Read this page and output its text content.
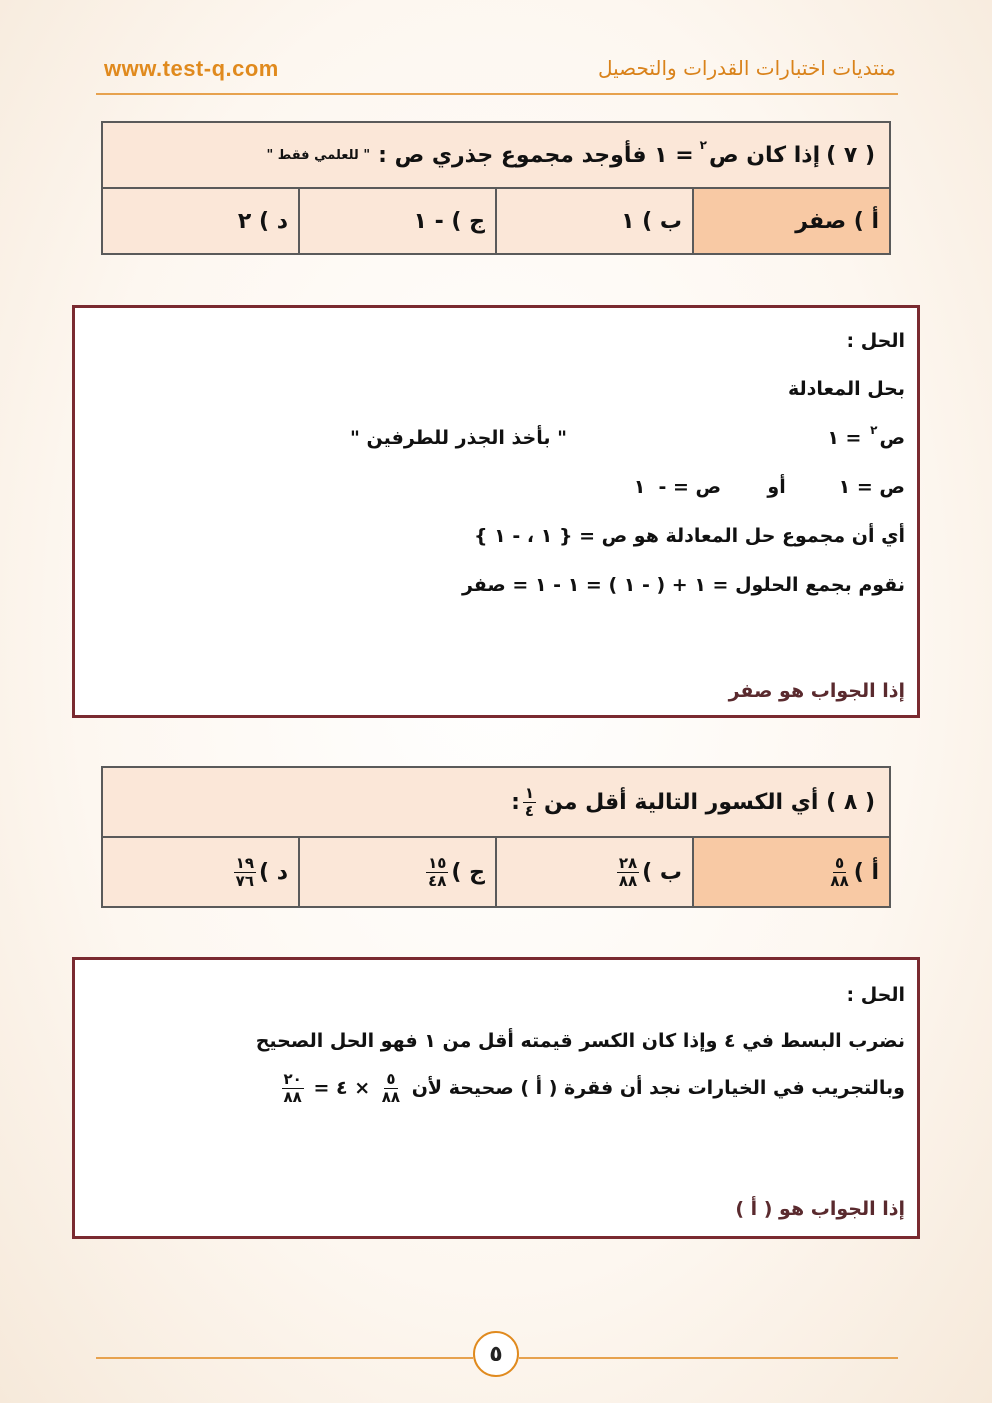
www.test-q.com	منتديات اختبارات القدرات والتحصيل
( ٧ )
إذا كان ص
٢
= ١ فأوجد مجموع جذري ص :
" للعلمي فقط "
أ ) صفر
ب ) ١
ج ) - ١
د ) ٢
الحل :
بحل المعادلة
ص$^٢$ = ١
" بأخذ الجذر للطرفين "
ص = ١        أو       ص = -  ١
أي أن مجموع حل المعادلة هو ص = { ١ ، - ١ }
نقوم بجمع الحلول = ١ + ( - ١ ) = ١ - ١ = صفر
إذا الجواب هو صفر
( ٨ ) أي الكسور التالية أقل من
$\frac{١}{٤}$
:
أ )
$\frac{٥}{٨٨}$
ب )
$\frac{٢٨}{٨٨}$
ج )
$\frac{١٥}{٤٨}$
د )
$\frac{١٩}{٧٦}$
الحل :
نضرب البسط في ٤ وإذا كان الكسر قيمته أقل من ١ فهو الحل الصحيح
وبالتجريب في الخيارات نجد أن فقرة ( أ ) صحيحة لأن
$\frac{٥}{٨٨}$
× ٤ =
$\frac{٢٠}{٨٨}$
إذا الجواب هو ( أ )
٥
